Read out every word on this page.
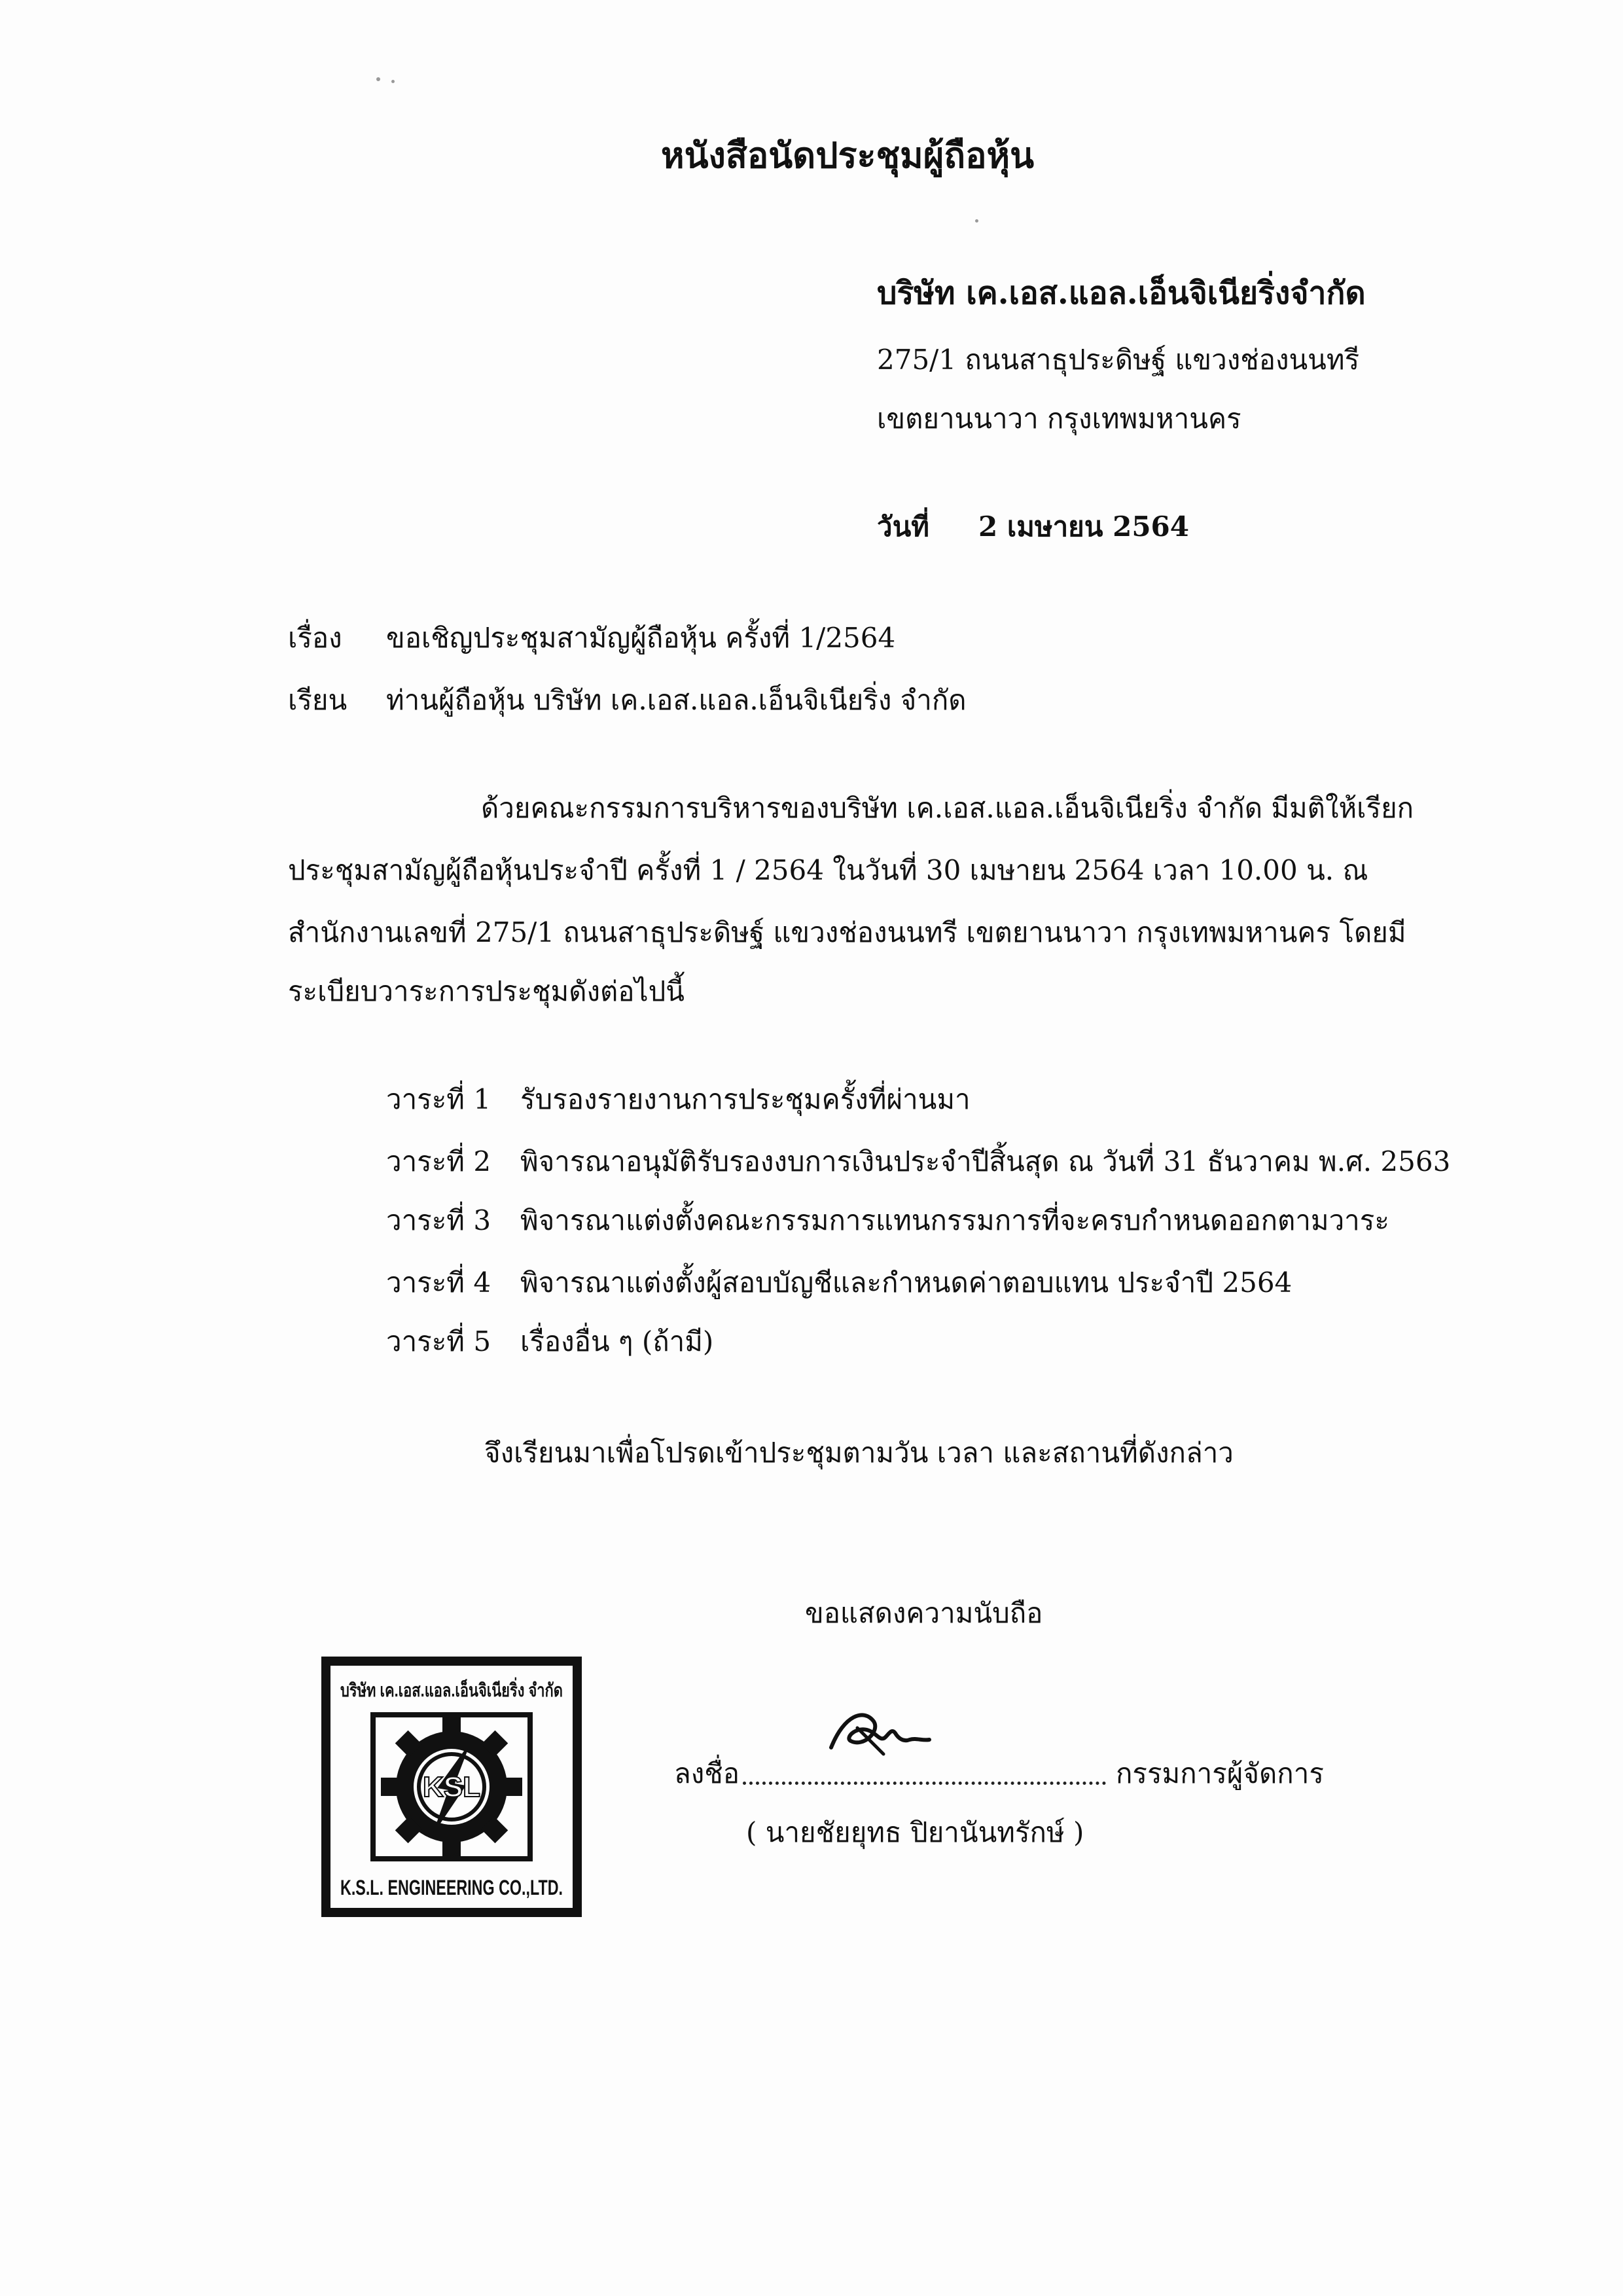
หนังสือนัดประชุมผู้ถือหุ้น
บริษัท เค.เอส.แอล.เอ็นจิเนียริ่งจำกัด
275/1 ถนนสาธุประดิษฐ์ แขวงช่องนนทรี
เขตยานนาวา กรุงเทพมหานคร
วันที่ 2 เมษายน 2564
เรื่อง ขอเชิญประชุมสามัญผู้ถือหุ้น ครั้งที่ 1/2564
เรียน ท่านผู้ถือหุ้น บริษัท เค.เอส.แอล.เอ็นจิเนียริ่ง จำกัด
ด้วยคณะกรรมการบริหารของบริษัท เค.เอส.แอล.เอ็นจิเนียริ่ง จำกัด มีมติให้เรียก
ประชุมสามัญผู้ถือหุ้นประจำปี ครั้งที่ 1 / 2564 ในวันที่ 30 เมษายน 2564 เวลา 10.00 น. ณ
สำนักงานเลขที่ 275/1 ถนนสาธุประดิษฐ์ แขวงช่องนนทรี เขตยานนาวา กรุงเทพมหานคร โดยมี
ระเบียบวาระการประชุมดังต่อไปนี้
วาระที่ 1 รับรองรายงานการประชุมครั้งที่ผ่านมา
วาระที่ 2 พิจารณาอนุมัติรับรองงบการเงินประจำปีสิ้นสุด ณ วันที่ 31 ธันวาคม พ.ศ. 2563
วาระที่ 3 พิจารณาแต่งตั้งคณะกรรมการแทนกรรมการที่จะครบกำหนดออกตามวาระ
วาระที่ 4 พิจารณาแต่งตั้งผู้สอบบัญชีและกำหนดค่าตอบแทน ประจำปี 2564
วาระที่ 5 เรื่องอื่น ๆ (ถ้ามี)
จึงเรียนมาเพื่อโปรดเข้าประชุมตามวัน เวลา และสถานที่ดังกล่าว
ขอแสดงความนับถือ
KSL
บริษัท เค.เอส.แอล.เอ็นจิเนียริ่ง จำกัด
K.S.L. ENGINEERING CO.,LTD.
ลงชื่อ	กรรมการผู้จัดการ
( นายชัยยุทธ ปิยานันทรักษ์ )
